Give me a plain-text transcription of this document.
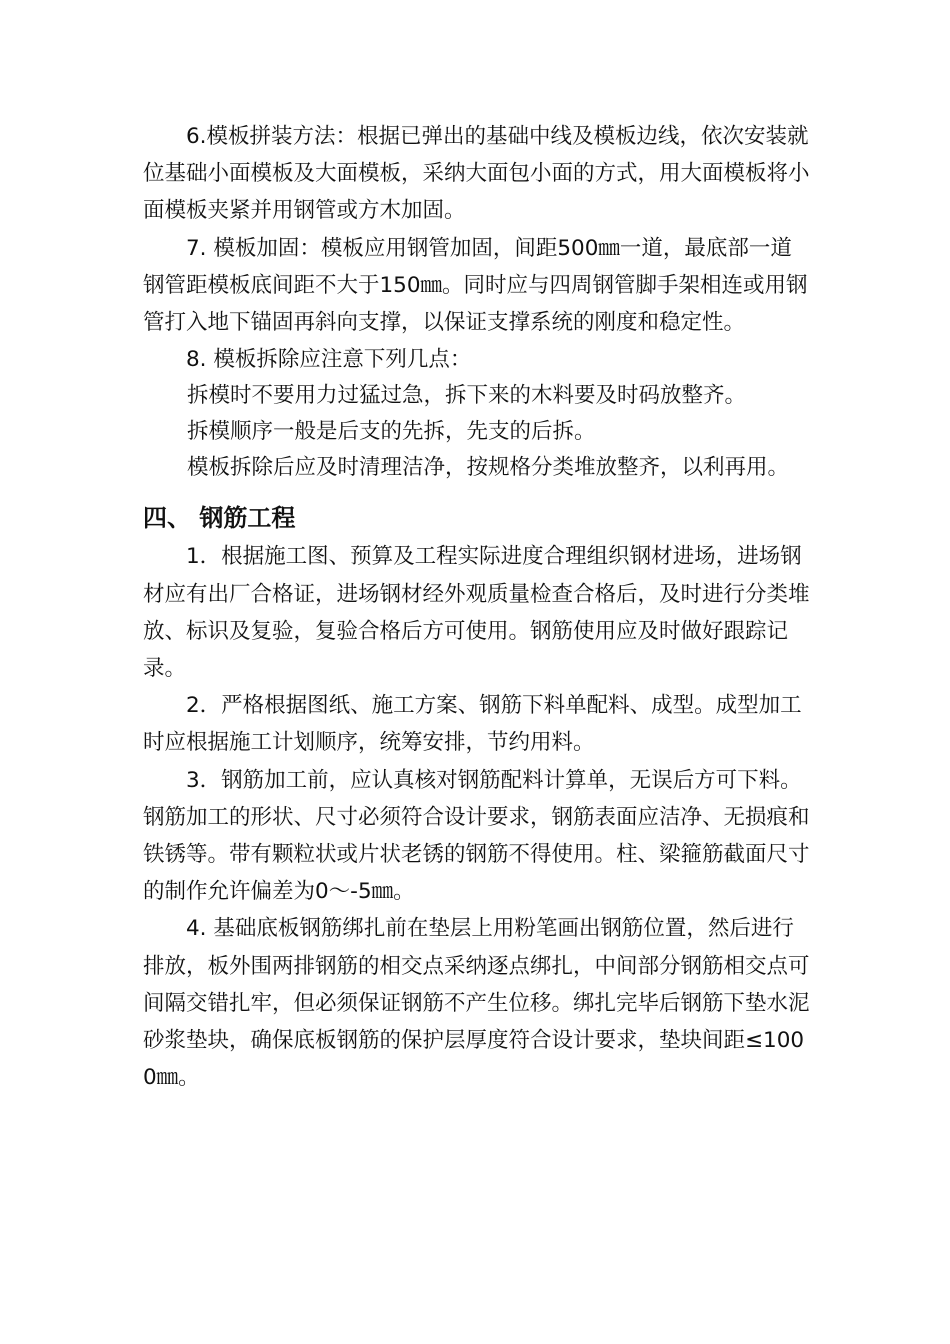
　　6.模板拼装方法：根据已弹出的基础中线及模板边线，依次安装就位基础小面模板及大面模板，采纳大面包小面的方式，用大面模板将小面模板夹紧并用钢管或方木加固。

　　7. 模板加固：模板应用钢管加固，间距500㎜一道，最底部一道钢管距模板底间距不大于150㎜。同时应与四周钢管脚手架相连或用钢管打入地下锚固再斜向支撑，以保证支撑系统的刚度和稳定性。

　　8. 模板拆除应注意下列几点：

拆模时不要用力过猛过急，拆下来的木料要及时码放整齐。

拆模顺序一般是后支的先拆，先支的后拆。

模板拆除后应及时清理洁净，按规格分类堆放整齐，以利再用。

四、 钢筋工程

　　1．根据施工图、预算及工程实际进度合理组织钢材进场，进场钢材应有出厂合格证，进场钢材经外观质量检查合格后，及时进行分类堆放、标识及复验，复验合格后方可使用。钢筋使用应及时做好跟踪记录。

　　2．严格根据图纸、施工方案、钢筋下料单配料、成型。成型加工时应根据施工计划顺序，统筹安排，节约用料。

　　3．钢筋加工前，应认真核对钢筋配料计算单，无误后方可下料。钢筋加工的形状、尺寸必须符合设计要求，钢筋表面应洁净、无损痕和铁锈等。带有颗粒状或片状老锈的钢筋不得使用。柱、梁箍筋截面尺寸的制作允许偏差为0～-5㎜。

　　4. 基础底板钢筋绑扎前在垫层上用粉笔画出钢筋位置，然后进行排放，板外围两排钢筋的相交点采纳逐点绑扎，中间部分钢筋相交点可间隔交错扎牢，但必须保证钢筋不产生位移。绑扎完毕后钢筋下垫水泥砂浆垫块，确保底板钢筋的保护层厚度符合设计要求，垫块间距≤1000㎜。
